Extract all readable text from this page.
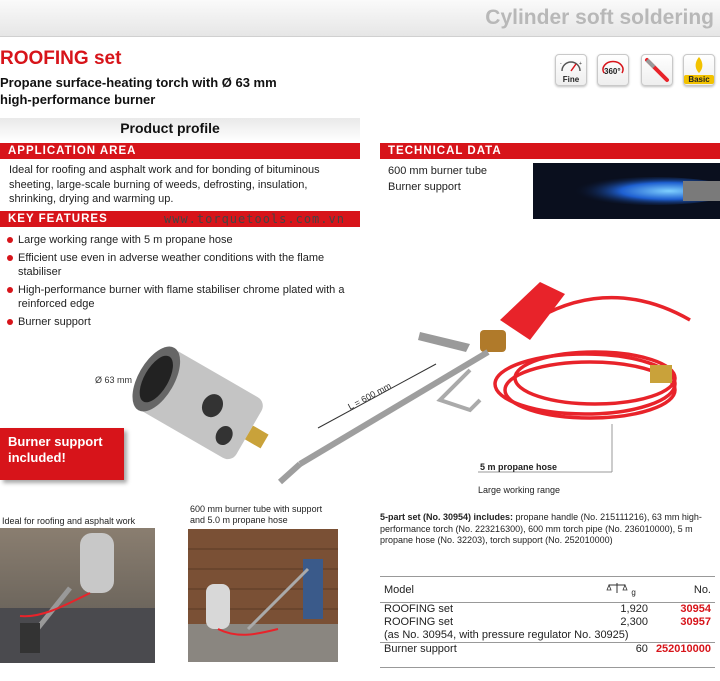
Cylinder soft soldering
ROOFING set
Propane surface-heating torch with Ø 63 mm high-performance burner
-	+
Fine
360°
Basic
Product profile
APPLICATION AREA
Ideal for roofing and asphalt work and for bonding of bituminous sheeting, large-scale burning of weeds, defrosting, insulation, shrinking, drying and warming up.
KEY FEATURES	www.torquetools.com.vn
Large working range with 5 m propane hose
Efficient use even in adverse weather conditions with the flame stabiliser
High-performance burner with flame stabiliser chrome plated with a reinforced edge
Burner support
TECHNICAL DATA
600 mm burner tube
Burner support
L = 600 mm
Ø 63 mm
5 m propane hose
Large working range
Burner support
included!
Ideal for roofing and asphalt work
600 mm burner tube with support
and 5.0 m propane hose	5-part set (No. 30954) includes: propane handle (No. 215111216), 63 mm high-performance torch (No. 223216300), 600 mm torch pipe (No. 236010000), 5 m propane hose (No. 32203), torch support (No. 252010000)
Model	g	No.
ROOFING set	1,920	30954
ROOFING set	2,300	30957
(as No. 30954, with pressure regulator No. 30925)		
Burner support	60	252010000
